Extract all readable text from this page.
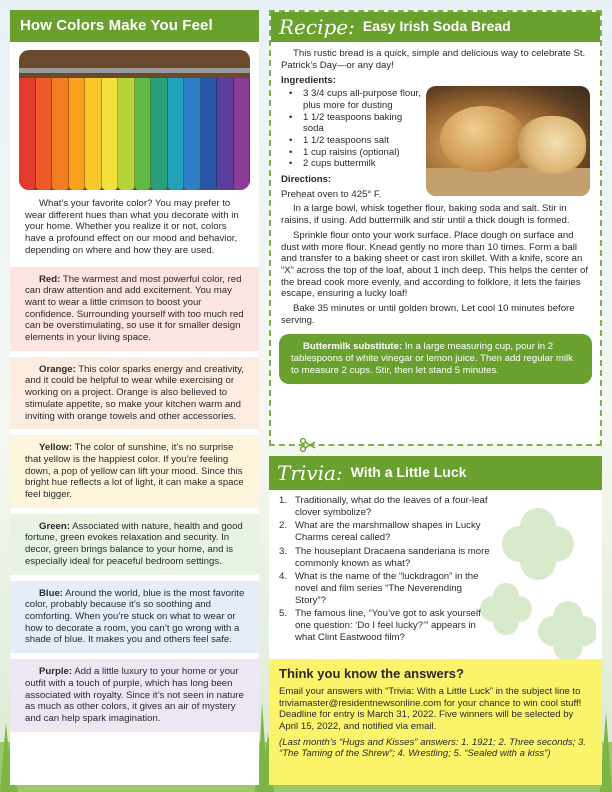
How Colors Make You Feel

What’s your favorite color? You may prefer to wear different hues than what you decorate with in your home. Whether you realize it or not, colors have a profound effect on our mood and behavior, depending on where and how they are used.

Red: The warmest and most powerful color, red can draw attention and add excitement. You may want to wear a little crimson to boost your confidence. Surrounding yourself with too much red can be overstimulating, so use it for smaller design elements in your living space.
Orange: This color sparks energy and creativity, and it could be helpful to wear while exercising or working on a project. Orange is also believed to stimulate appetite, so make your kitchen warm and inviting with orange towels and other accessories.
Yellow: The color of sunshine, it’s no surprise that yellow is the happiest color. If you’re feeling down, a pop of yellow can lift your mood. Since this bright hue reflects a lot of light, it can make a space feel bigger.
Green: Associated with nature, health and good fortune, green evokes relaxation and security. In decor, green brings balance to your home, and is especially ideal for peaceful bedroom settings.
Blue: Around the world, blue is the most favorite color, probably because it’s so soothing and comforting. When you’re stuck on what to wear or how to decorate a room, you can’t go wrong with a shade of blue. It makes you and others feel safe.
Purple: Add a little luxury to your home or your outfit with a touch of purple, which has long been associated with royalty. Since it’s not seen in nature as much as other colors, it gives an air of mystery and can help spark imagination.
Recipe: Easy Irish Soda Bread

This rustic bread is a quick, simple and delicious way to celebrate St. Patrick’s Day—or any day!

Ingredients:
• 3 3/4 cups all-purpose flour, plus more for dusting
• 1 1/2 teaspoons baking soda
• 1 1/2 teaspoons salt
• 1 cup raisins (optional)
• 2 cups buttermilk
Directions:

Preheat oven to 425° F.

In a large bowl, whisk together flour, baking soda and salt. Stir in raisins, if using. Add buttermilk and stir until a thick dough is formed.

Sprinkle flour onto your work surface. Place dough on surface and dust with more flour. Knead gently no more than 10 times. Form a ball and transfer to a baking sheet or cast iron skillet. With a knife, score an “X” across the top of the loaf, about 1 inch deep. This helps the center of the bread cook more evenly, and according to folklore, it lets the fairies escape, ensuring a lucky loaf!

Bake 35 minutes or until golden brown. Let cool 10 minutes before serving.

Buttermilk substitute: In a large measuring cup, pour in 2 tablespoons of white vinegar or lemon juice. Then add regular milk to measure 2 cups. Stir, then let stand 5 minutes.
Trivia: With a Little Luck
1. Traditionally, what do the leaves of a four-leaf clover symbolize?
2. What are the marshmallow shapes in Lucky Charms cereal called?
3. The houseplant Dracaena sanderiana is more commonly known as what?
4. What is the name of the “luckdragon” in the novel and film series “The Neverending Story”?
5. The famous line, “You’ve got to ask yourself one question: ‘Do I feel lucky?’” appears in what Clint Eastwood film?
Think you know the answers?

Email your answers with “Trivia: With a Little Luck” in the subject line to triviamaster@residentnewsonline.com for your chance to win cool stuff! Deadline for entry is March 31, 2022. Five winners will be selected by April 15, 2022, and notified via email.

(Last month’s “Hugs and Kisses” answers: 1. 1921; 2. Three seconds; 3. “The Taming of the Shrew”; 4. Wrestling; 5. “Sealed with a kiss”)
